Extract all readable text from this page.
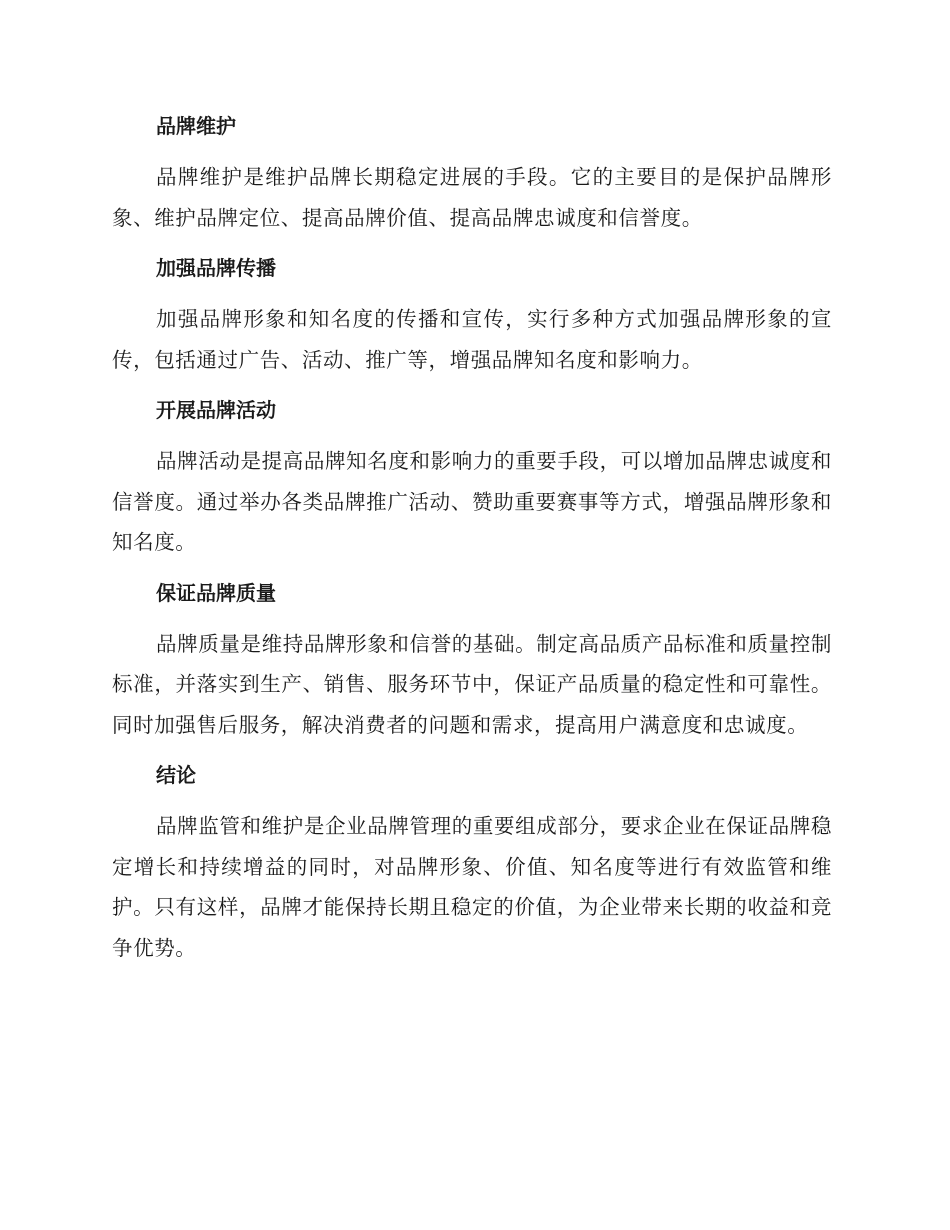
品牌维护

品牌维护是维护品牌长期稳定进展的手段。它的主要目的是保护品牌形象、维护品牌定位、提高品牌价值、提高品牌忠诚度和信誉度。

加强品牌传播

加强品牌形象和知名度的传播和宣传，实行多种方式加强品牌形象的宣传，包括通过广告、活动、推广等，增强品牌知名度和影响力。

开展品牌活动

品牌活动是提高品牌知名度和影响力的重要手段，可以增加品牌忠诚度和信誉度。通过举办各类品牌推广活动、赞助重要赛事等方式，增强品牌形象和知名度。

保证品牌质量

品牌质量是维持品牌形象和信誉的基础。制定高品质产品标准和质量控制标准，并落实到生产、销售、服务环节中，保证产品质量的稳定性和可靠性。同时加强售后服务，解决消费者的问题和需求，提高用户满意度和忠诚度。

结论

品牌监管和维护是企业品牌管理的重要组成部分，要求企业在保证品牌稳定增长和持续增益的同时，对品牌形象、价值、知名度等进行有效监管和维护。只有这样，品牌才能保持长期且稳定的价值，为企业带来长期的收益和竞争优势。
